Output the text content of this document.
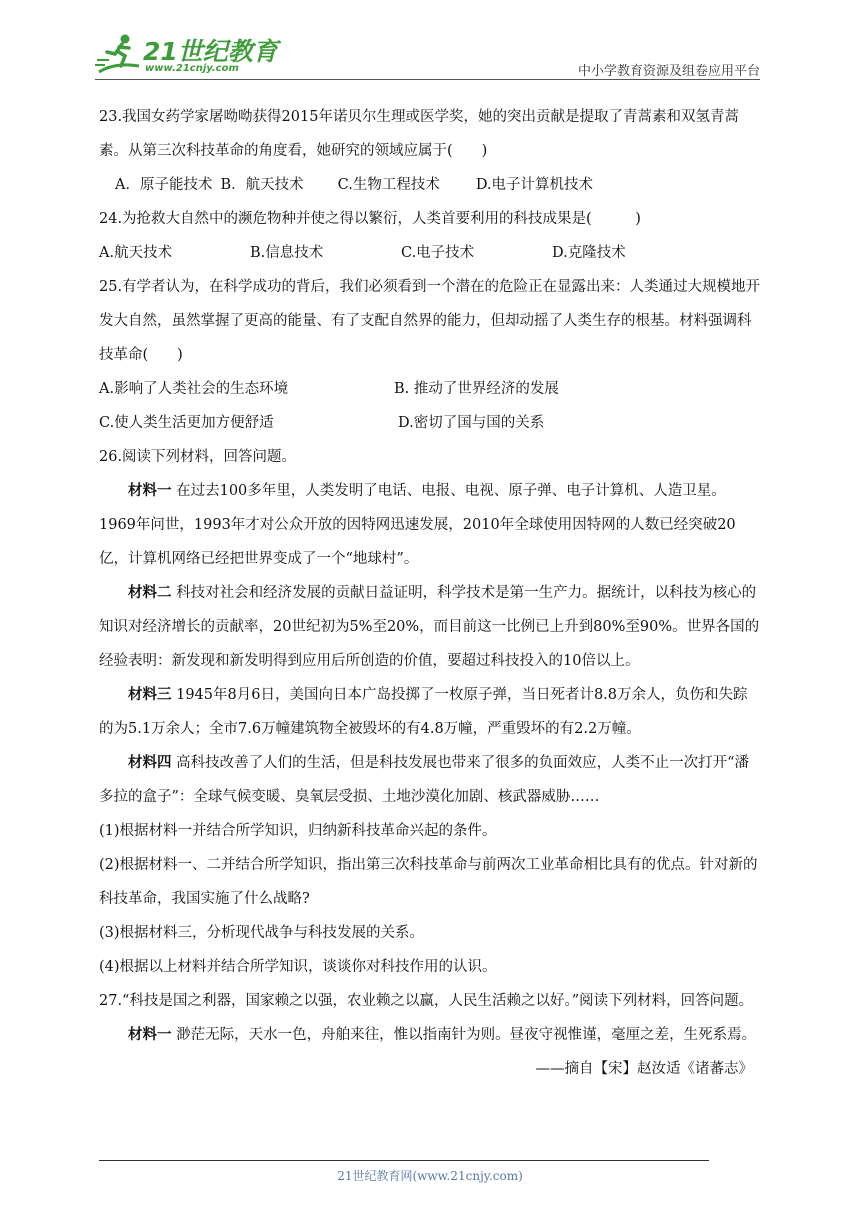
21世纪教育
www.21cnjy.com	中小学教育资源及组卷应用平台

23.我国女药学家屠呦呦获得2015年诺贝尔生理或医学奖，她的突出贡献是提取了青蒿素和双氢青蒿素。从第三次科技革命的角度看，她研究的领域应属于(　　)

A．原子能技术 B．航天技术 C.生物工程技术 D.电子计算机技术

24.为抢救大自然中的濒危物种并使之得以繁衍，人类首要利用的科技成果是(　　　)

A.航天技术	B.信息技术	C.电子技术	D.克隆技术

25.有学者认为，在科学成功的背后，我们必须看到一个潜在的危险正在显露出来：人类通过大规模地开发大自然，虽然掌握了更高的能量、有了支配自然界的能力，但却动摇了人类生存的根基。材料强调科技革命(　　)

A.影响了人类社会的生态环境	B. 推动了世界经济的发展
C.使人类生活更加方便舒适	D.密切了国与国的关系

26.阅读下列材料，回答问题。

材料一 在过去100多年里，人类发明了电话、电报、电视、原子弹、电子计算机、人造卫星。1969年问世，1993年才对公众开放的因特网迅速发展，2010年全球使用因特网的人数已经突破20亿，计算机网络已经把世界变成了一个“地球村”。

材料二 科技对社会和经济发展的贡献日益证明，科学技术是第一生产力。据统计，以科技为核心的知识对经济增长的贡献率，20世纪初为5%至20%，而目前这一比例已上升到80%至90%。世界各国的经验表明：新发现和新发明得到应用后所创造的价值，要超过科技投入的10倍以上。

材料三 1945年8月6日，美国向日本广岛投掷了一枚原子弹，当日死者计8.8万余人，负伤和失踪的为5.1万余人；全市7.6万幢建筑物全被毁坏的有4.8万幢，严重毁坏的有2.2万幢。

材料四 高科技改善了人们的生活，但是科技发展也带来了很多的负面效应，人类不止一次打开“潘多拉的盒子”：全球气候变暖、臭氧层受损、土地沙漠化加剧、核武器威胁……

(1)根据材料一并结合所学知识，归纳新科技革命兴起的条件。

(2)根据材料一、二并结合所学知识，指出第三次科技革命与前两次工业革命相比具有的优点。针对新的科技革命，我国实施了什么战略?

(3)根据材料三，分析现代战争与科技发展的关系。

(4)根据以上材料并结合所学知识，谈谈你对科技作用的认识。

27.“科技是国之利器，国家赖之以强，农业赖之以赢，人民生活赖之以好。”阅读下列材料，回答问题。

材料一 渺茫无际，天水一色，舟舶来往，惟以指南针为则。昼夜守视惟谨，毫厘之差，生死系焉。

——摘自【宋】赵汝适《诸蕃志》

21世纪教育网(www.21cnjy.com)
